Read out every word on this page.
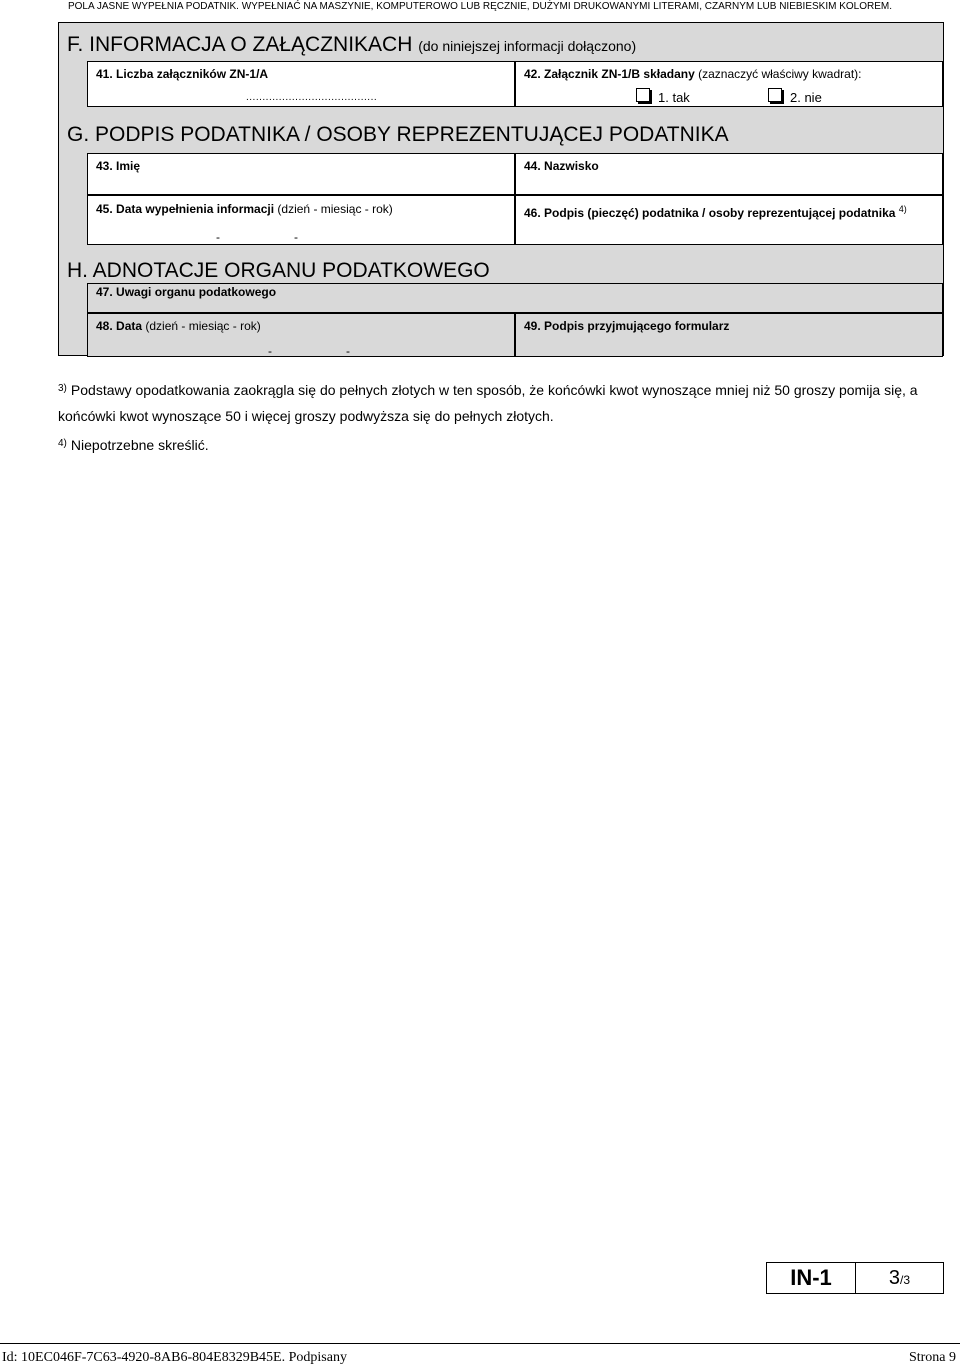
POLA JASNE WYPEŁNIA PODATNIK. WYPEŁNIAĆ NA MASZYNIE, KOMPUTEROWO LUB RĘCZNIE, DUŻYMI DRUKOWANYMI LITERAMI, CZARNYM LUB NIEBIESKIM KOLOREM.
F. INFORMACJA O ZAŁĄCZNIKACH (do niniejszej informacji dołączono)
41. Liczba załączników ZN-1/A
........................................
42. Załącznik ZN-1/B składany (zaznaczyć właściwy kwadrat):
1. tak	2. nie
G. PODPIS PODATNIKA / OSOBY REPREZENTUJĄCEJ PODATNIKA
43. Imię	44. Nazwisko
45. Data wypełnienia informacji (dzień - miesiąc - rok)
-	-
46. Podpis (pieczęć) podatnika / osoby reprezentującej podatnika $^{4)}$
H. ADNOTACJE ORGANU PODATKOWEGO
47. Uwagi organu podatkowego
48. Data (dzień - miesiąc - rok)
-	-
49. Podpis przyjmującego formularz
$^{3)}$ Podstawy opodatkowania zaokrągla się do pełnych złotych w ten sposób, że końcówki kwot wynoszące mniej niż 50 groszy pomija się, a końcówki kwot wynoszące 50 i więcej groszy podwyższa się do pełnych złotych.
$^{4)}$ Niepotrzebne skreślić.
IN-1	3/3
Id: 10EC046F-7C63-4920-8AB6-804E8329B45E. Podpisany	Strona 9
